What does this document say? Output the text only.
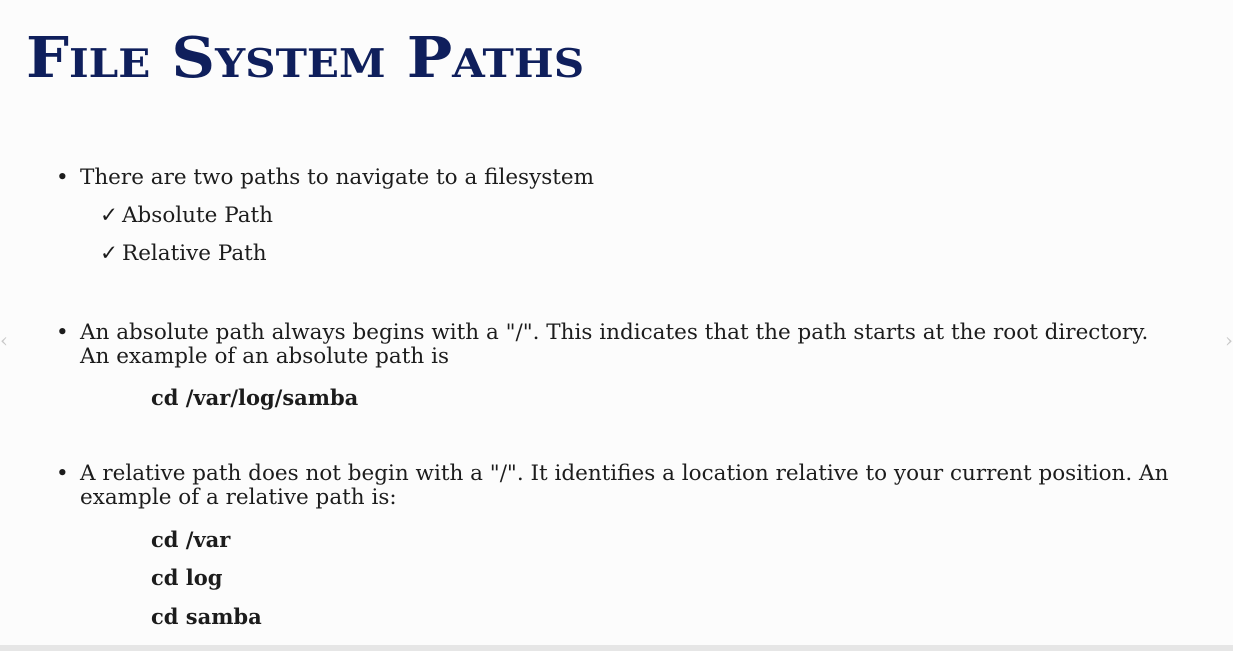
File System Paths
• There are two paths to navigate to a filesystem
✓ Absolute Path
✓ Relative Path
• An absolute path always begins with a "/". This indicates that the path starts at the root directory.
An example of an absolute path is
cd /var/log/samba
• A relative path does not begin with a "/". It identifies a location relative to your current position. An
example of a relative path is:
cd /var
cd log
cd samba
‹	›
